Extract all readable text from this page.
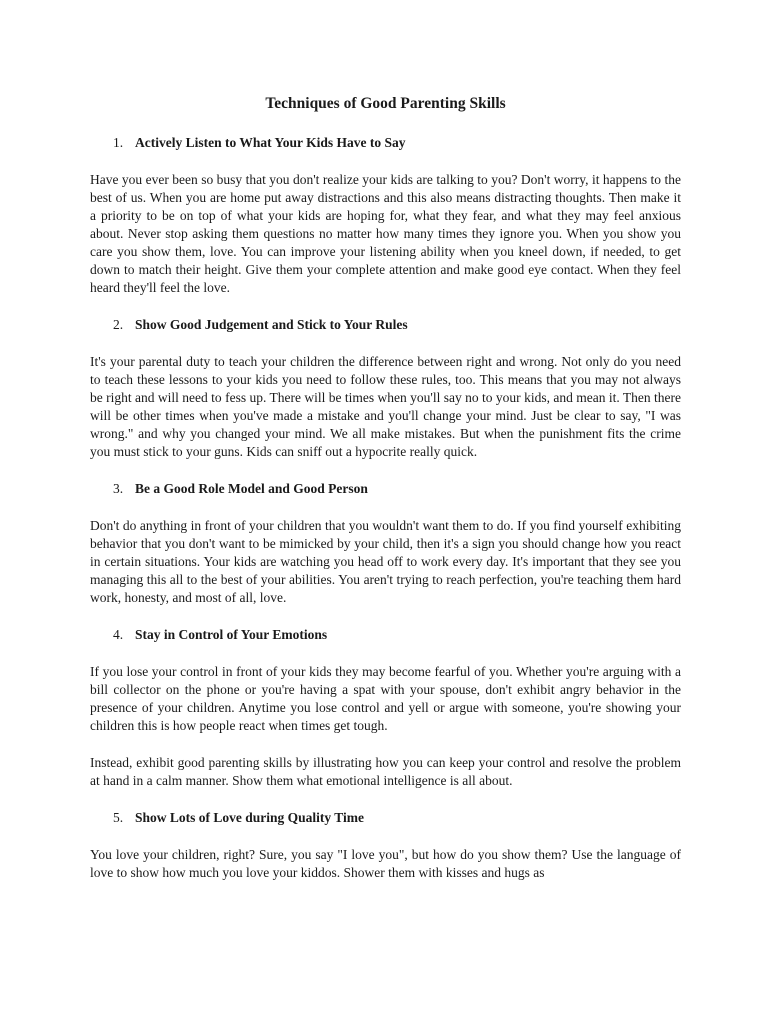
Techniques of Good Parenting Skills
1. Actively Listen to What Your Kids Have to Say

Have you ever been so busy that you don't realize your kids are talking to you? Don't worry, it happens to the best of us. When you are home put away distractions and this also means distracting thoughts. Then make it a priority to be on top of what your kids are hoping for, what they fear, and what they may feel anxious about. Never stop asking them questions no matter how many times they ignore you. When you show you care you show them, love. You can improve your listening ability when you kneel down, if needed, to get down to match their height. Give them your complete attention and make good eye contact. When they feel heard they'll feel the love.

2. Show Good Judgement and Stick to Your Rules

It's your parental duty to teach your children the difference between right and wrong. Not only do you need to teach these lessons to your kids you need to follow these rules, too. This means that you may not always be right and will need to fess up. There will be times when you'll say no to your kids, and mean it. Then there will be other times when you've made a mistake and you'll change your mind. Just be clear to say, "I was wrong." and why you changed your mind. We all make mistakes. But when the punishment fits the crime you must stick to your guns. Kids can sniff out a hypocrite really quick.

3. Be a Good Role Model and Good Person

Don't do anything in front of your children that you wouldn't want them to do. If you find yourself exhibiting behavior that you don't want to be mimicked by your child, then it's a sign you should change how you react in certain situations. Your kids are watching you head off to work every day. It's important that they see you managing this all to the best of your abilities. You aren't trying to reach perfection, you're teaching them hard work, honesty, and most of all, love.

4. Stay in Control of Your Emotions

If you lose your control in front of your kids they may become fearful of you. Whether you're arguing with a bill collector on the phone or you're having a spat with your spouse, don't exhibit angry behavior in the presence of your children. Anytime you lose control and yell or argue with someone, you're showing your children this is how people react when times get tough.

Instead, exhibit good parenting skills by illustrating how you can keep your control and resolve the problem at hand in a calm manner. Show them what emotional intelligence is all about.

5. Show Lots of Love during Quality Time

You love your children, right? Sure, you say "I love you", but how do you show them? Use the language of love to show how much you love your kiddos. Shower them with kisses and hugs as
